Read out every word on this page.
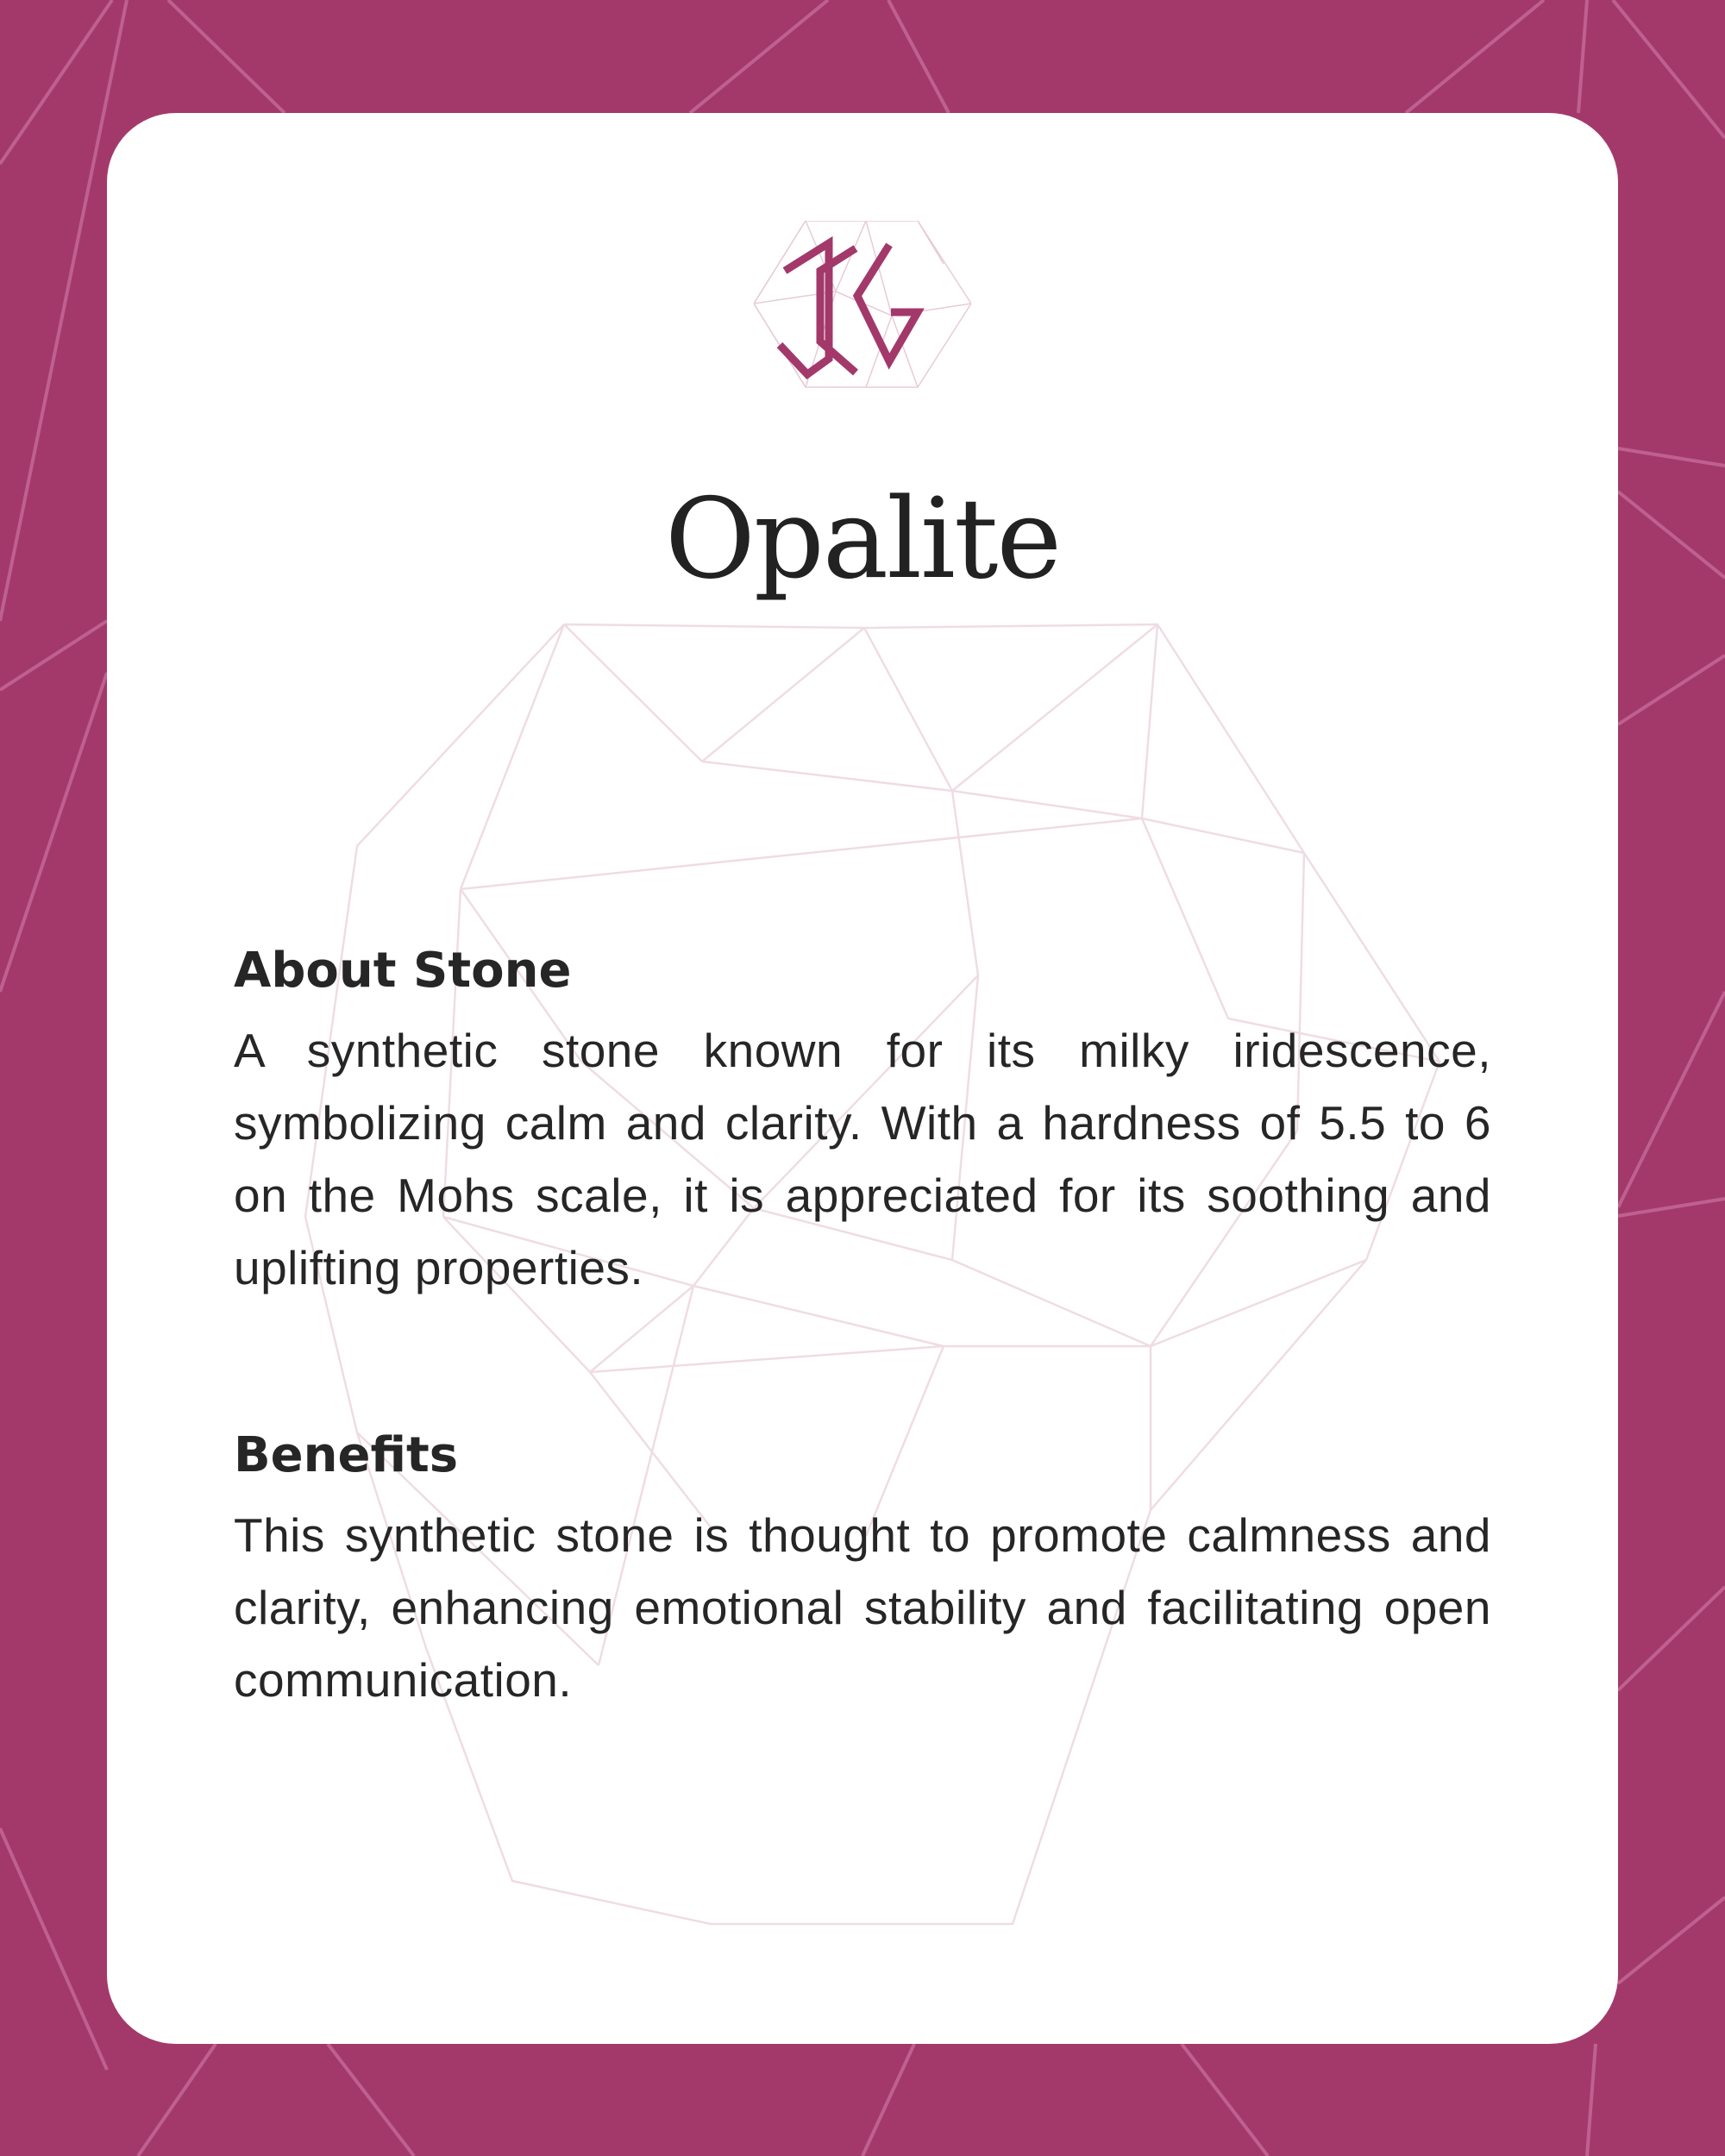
Opalite
About Stone

A synthetic stone known for its milky iridescence, symbolizing calm and clarity. With a hardness of 5.5 to 6 on the Mohs scale, it is appreciated for its soothing and uplifting properties.

Benefits

This synthetic stone is thought to promote calmness and clarity, enhancing emotional stability and facilitating open communication.
